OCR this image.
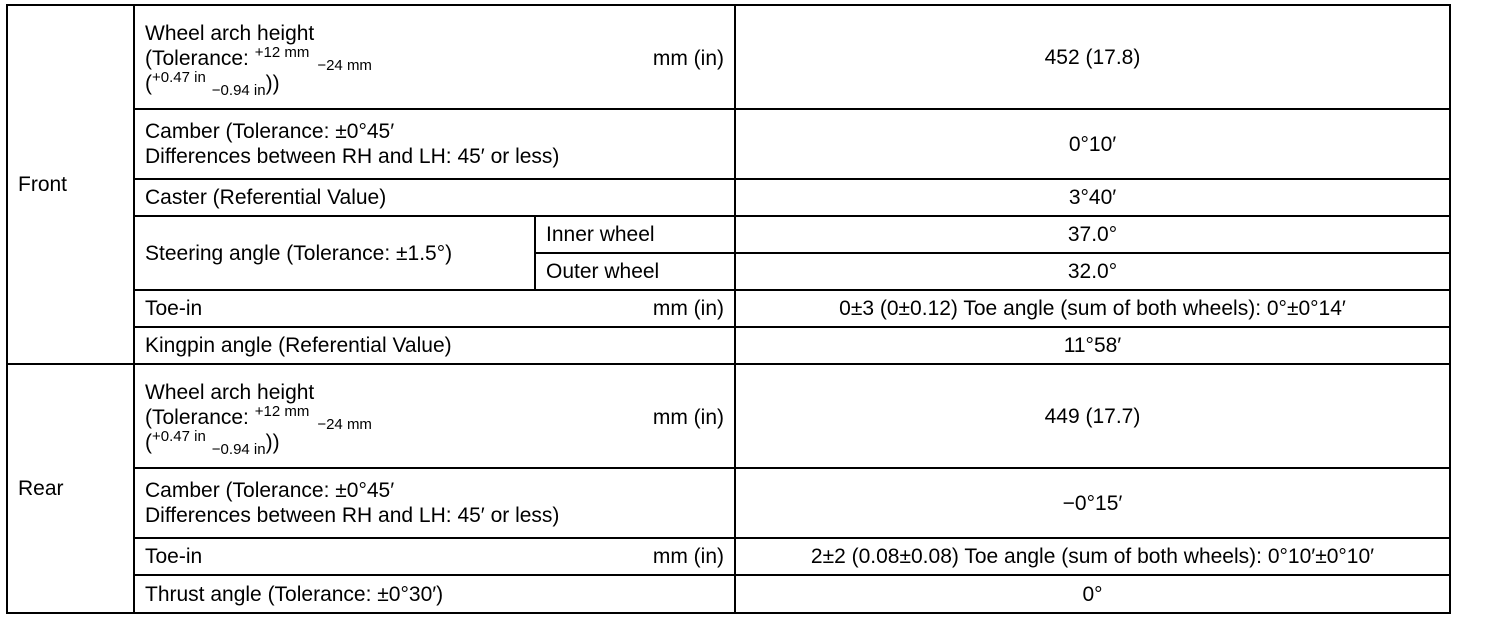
Front	Wheel arch height
(Tolerance: $^{+12 mm}_{-24 mm}$
($^{+0.47 in}_{-0.94 in}$))
mm (in)		452 (17.8)

	Camber (Tolerance: ±0°45′
Differences between RH and LH: 45′ or less)		0°10′
	Caster (Referential Value)		3°40′
	Steering angle (Tolerance: ±1.5°)	Inner wheel	37.0°
		Outer wheel	32.0°

	Toe-in mm (in)		0±3 (0±0.12) Toe angle (sum of both wheels): 0°±0°14′
	Kingpin angle (Referential Value)		11°58′
Rear	Wheel arch height
(Tolerance: $^{+12 mm}_{-24 mm}$
($^{+0.47 in}_{-0.94 in}$))
mm (in)		449 (17.7)

	Camber (Tolerance: ±0°45′
Differences between RH and LH: 45′ or less)		−0°15′

	Toe-in mm (in)		2±2 (0.08±0.08) Toe angle (sum of both wheels): 0°10′±0°10′
	Thrust angle (Tolerance: ±0°30′)		0°
